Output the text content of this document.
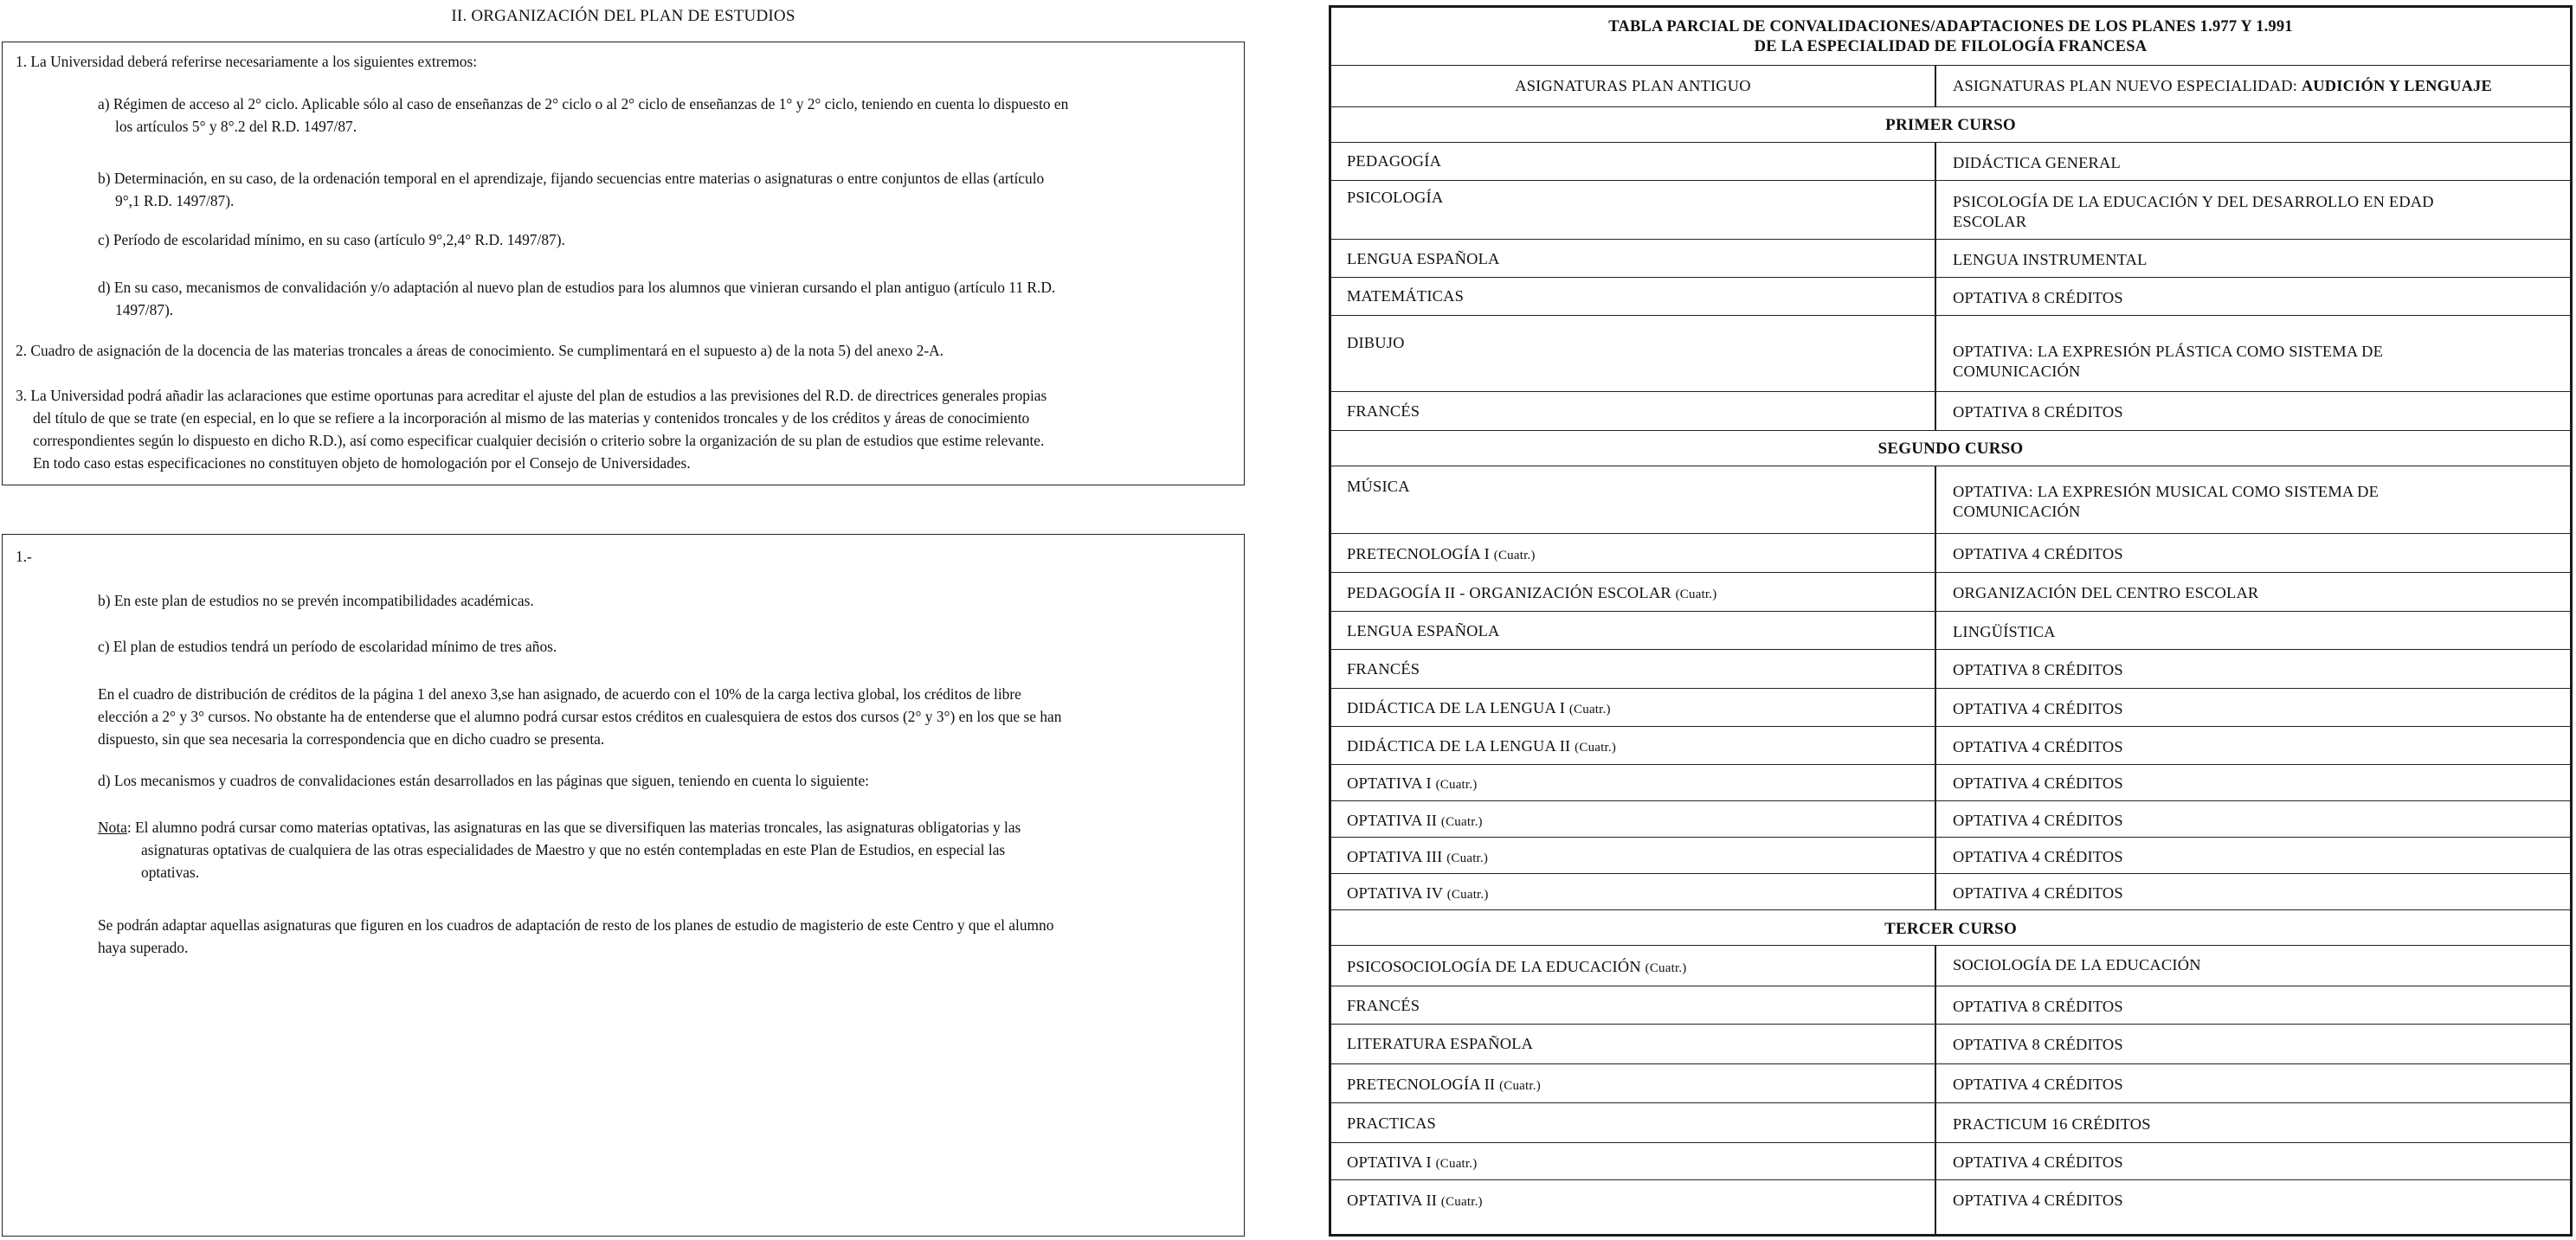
II. ORGANIZACIÓN DEL PLAN DE ESTUDIOS
1. La Universidad deberá referirse necesariamente a los siguientes extremos:
a) Régimen de acceso al 2° ciclo. Aplicable sólo al caso de enseñanzas de 2° ciclo o al 2° ciclo de enseñanzas de 1° y 2° ciclo, teniendo en cuenta lo dispuesto en
los artículos 5° y 8°.2 del R.D. 1497/87.
b) Determinación, en su caso, de la ordenación temporal en el aprendizaje, fijando secuencias entre materias o asignaturas o entre conjuntos de ellas (artículo
9°,1 R.D. 1497/87).
c) Período de escolaridad mínimo, en su caso (artículo 9°,2,4° R.D. 1497/87).
d) En su caso, mecanismos de convalidación y/o adaptación al nuevo plan de estudios para los alumnos que vinieran cursando el plan antiguo (artículo 11 R.D.
1497/87).
2. Cuadro de asignación de la docencia de las materias troncales a áreas de conocimiento. Se cumplimentará en el supuesto a) de la nota 5) del anexo 2-A.
3. La Universidad podrá añadir las aclaraciones que estime oportunas para acreditar el ajuste del plan de estudios a las previsiones del R.D. de directrices generales propias
del título de que se trate (en especial, en lo que se refiere a la incorporación al mismo de las materias y contenidos troncales y de los créditos y áreas de conocimiento
correspondientes según lo dispuesto en dicho R.D.), así como especificar cualquier decisión o criterio sobre la organización de su plan de estudios que estime relevante.
En todo caso estas especificaciones no constituyen objeto de homologación por el Consejo de Universidades.
1.-
b) En este plan de estudios no se prevén incompatibilidades académicas.
c) El plan de estudios tendrá un período de escolaridad mínimo de tres años.
En el cuadro de distribución de créditos de la página 1 del anexo 3,se han asignado, de acuerdo con el 10% de la carga lectiva global, los créditos de libre
elección a 2° y 3° cursos. No obstante ha de entenderse que el alumno podrá cursar estos créditos en cualesquiera de estos dos cursos (2° y 3°) en los que se han
dispuesto, sin que sea necesaria la correspondencia que en dicho cuadro se presenta.
d) Los mecanismos y cuadros de convalidaciones están desarrollados en las páginas que siguen, teniendo en cuenta lo siguiente:
Nota: El alumno podrá cursar como materias optativas, las asignaturas en las que se diversifiquen las materias troncales, las asignaturas obligatorias y las
asignaturas optativas de cualquiera de las otras especialidades de Maestro y que no estén contempladas en este Plan de Estudios, en especial las
optativas.
Se podrán adaptar aquellas asignaturas que figuren en los cuadros de adaptación de resto de los planes de estudio de magisterio de este Centro y que el alumno
haya superado.
TABLA PARCIAL DE CONVALIDACIONES/ADAPTACIONES DE LOS PLANES 1.977 Y 1.991
DE LA ESPECIALIDAD DE FILOLOGÍA FRANCESA
ASIGNATURAS PLAN ANTIGUO	ASIGNATURAS PLAN NUEVO ESPECIALIDAD: AUDICIÓN Y LENGUAJE
PRIMER CURSO
PEDAGOGÍA	DIDÁCTICA GENERAL
PSICOLOGÍA	PSICOLOGÍA DE LA EDUCACIÓN Y DEL DESARROLLO EN EDAD
ESCOLAR
LENGUA ESPAÑOLA	LENGUA INSTRUMENTAL
MATEMÁTICAS	OPTATIVA 8 CRÉDITOS
DIBUJO	OPTATIVA: LA EXPRESIÓN PLÁSTICA COMO SISTEMA DE
COMUNICACIÓN
FRANCÉS	OPTATIVA 8 CRÉDITOS
SEGUNDO CURSO
MÚSICA	OPTATIVA: LA EXPRESIÓN MUSICAL COMO SISTEMA DE
COMUNICACIÓN
PRETECNOLOGÍA I (Cuatr.)	OPTATIVA 4 CRÉDITOS
PEDAGOGÍA II - ORGANIZACIÓN ESCOLAR (Cuatr.)	ORGANIZACIÓN DEL CENTRO ESCOLAR
LENGUA ESPAÑOLA	LINGÜÍSTICA
FRANCÉS	OPTATIVA 8 CRÉDITOS
DIDÁCTICA DE LA LENGUA I (Cuatr.)	OPTATIVA 4 CRÉDITOS
DIDÁCTICA DE LA LENGUA II (Cuatr.)	OPTATIVA 4 CRÉDITOS
OPTATIVA I (Cuatr.)	OPTATIVA 4 CRÉDITOS
OPTATIVA II (Cuatr.)	OPTATIVA 4 CRÉDITOS
OPTATIVA III (Cuatr.)	OPTATIVA 4 CRÉDITOS
OPTATIVA IV (Cuatr.)	OPTATIVA 4 CRÉDITOS
TERCER CURSO
PSICOSOCIOLOGÍA DE LA EDUCACIÓN (Cuatr.)	SOCIOLOGÍA DE LA EDUCACIÓN
FRANCÉS	OPTATIVA 8 CRÉDITOS
LITERATURA ESPAÑOLA	OPTATIVA 8 CRÉDITOS
PRETECNOLOGÍA II (Cuatr.)	OPTATIVA 4 CRÉDITOS
PRACTICAS	PRACTICUM 16 CRÉDITOS
OPTATIVA I (Cuatr.)	OPTATIVA 4 CRÉDITOS
OPTATIVA II (Cuatr.)	OPTATIVA 4 CRÉDITOS
